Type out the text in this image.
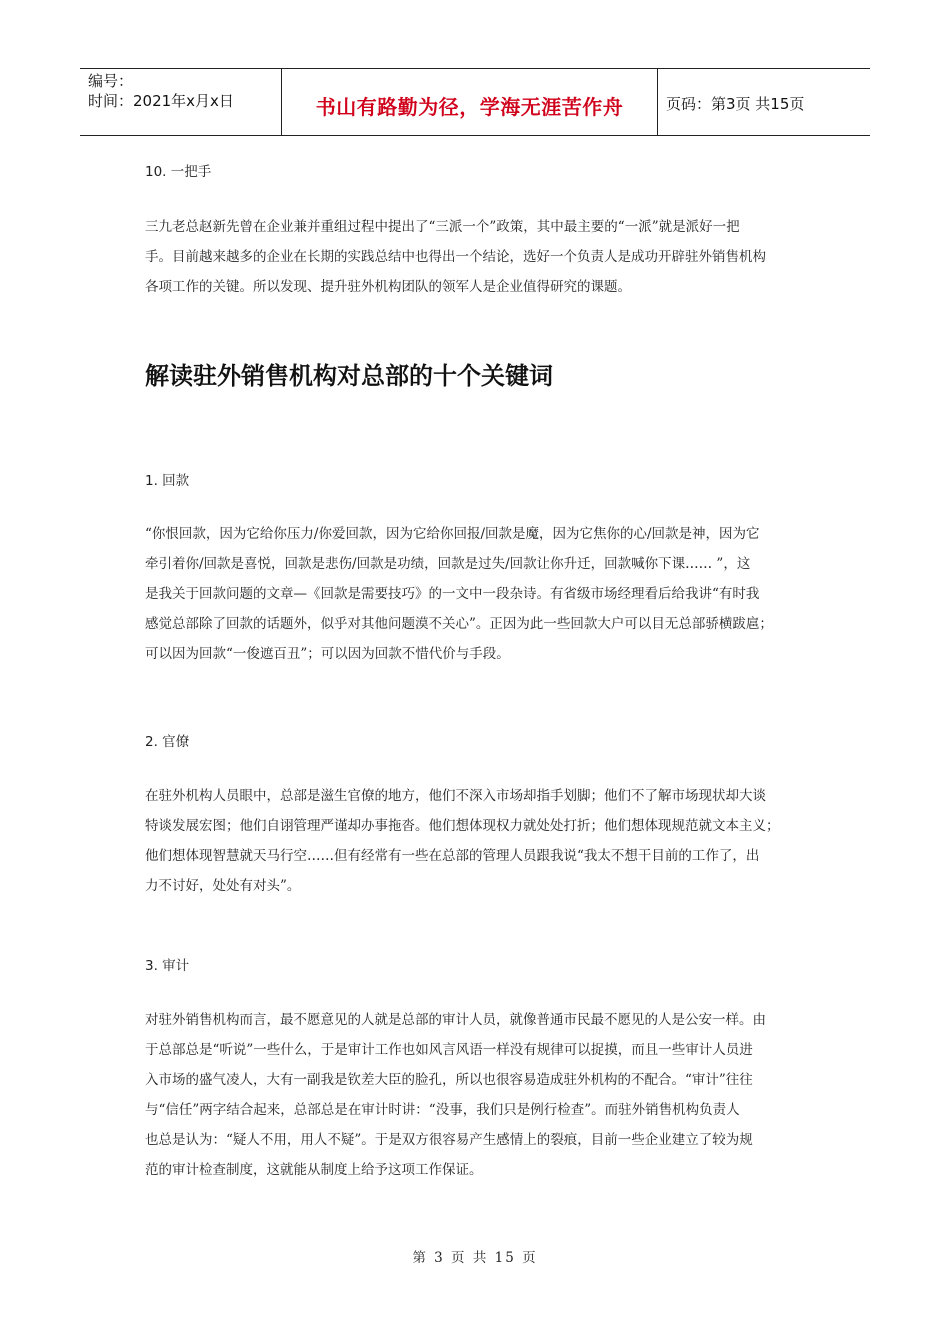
编号：
时间：2021年x月x日	书山有路勤为径，学海无涯苦作舟	页码：第3页 共15页
10. 一把手
三九老总赵新先曾在企业兼并重组过程中提出了“三派一个”政策，其中最主要的“一派”就是派好一把
手。目前越来越多的企业在长期的实践总结中也得出一个结论，选好一个负责人是成功开辟驻外销售机构
各项工作的关键。所以发现、提升驻外机构团队的领军人是企业值得研究的课题。
解读驻外销售机构对总部的十个关键词
1. 回款
“你恨回款，因为它给你压力/你爱回款，因为它给你回报/回款是魔，因为它焦你的心/回款是神，因为它
牵引着你/回款是喜悦，回款是悲伤/回款是功绩，回款是过失/回款让你升迁，回款喊你下课…… ”，这
是我关于回款问题的文章—《回款是需要技巧》的一文中一段杂诗。有省级市场经理看后给我讲“有时我
感觉总部除了回款的话题外，似乎对其他问题漠不关心”。正因为此一些回款大户可以目无总部骄横跋扈；
可以因为回款“一俊遮百丑”；可以因为回款不惜代价与手段。
2. 官僚
在驻外机构人员眼中，总部是滋生官僚的地方，他们不深入市场却指手划脚；他们不了解市场现状却大谈
特谈发展宏图；他们自诩管理严谨却办事拖沓。他们想体现权力就处处打折；他们想体现规范就文本主义；
他们想体现智慧就天马行空……但有经常有一些在总部的管理人员跟我说“我太不想干目前的工作了，出
力不讨好，处处有对头”。
3. 审计
对驻外销售机构而言，最不愿意见的人就是总部的审计人员，就像普通市民最不愿见的人是公安一样。由
于总部总是“听说”一些什么，于是审计工作也如风言风语一样没有规律可以捉摸，而且一些审计人员进
入市场的盛气凌人，大有一副我是钦差大臣的脸孔，所以也很容易造成驻外机构的不配合。“审计”往往
与“信任”两字结合起来，总部总是在审计时讲：“没事，我们只是例行检查”。而驻外销售机构负责人
也总是认为：“疑人不用，用人不疑”。于是双方很容易产生感情上的裂痕，目前一些企业建立了较为规
范的审计检查制度，这就能从制度上给予这项工作保证。
第 3 页 共 15 页
